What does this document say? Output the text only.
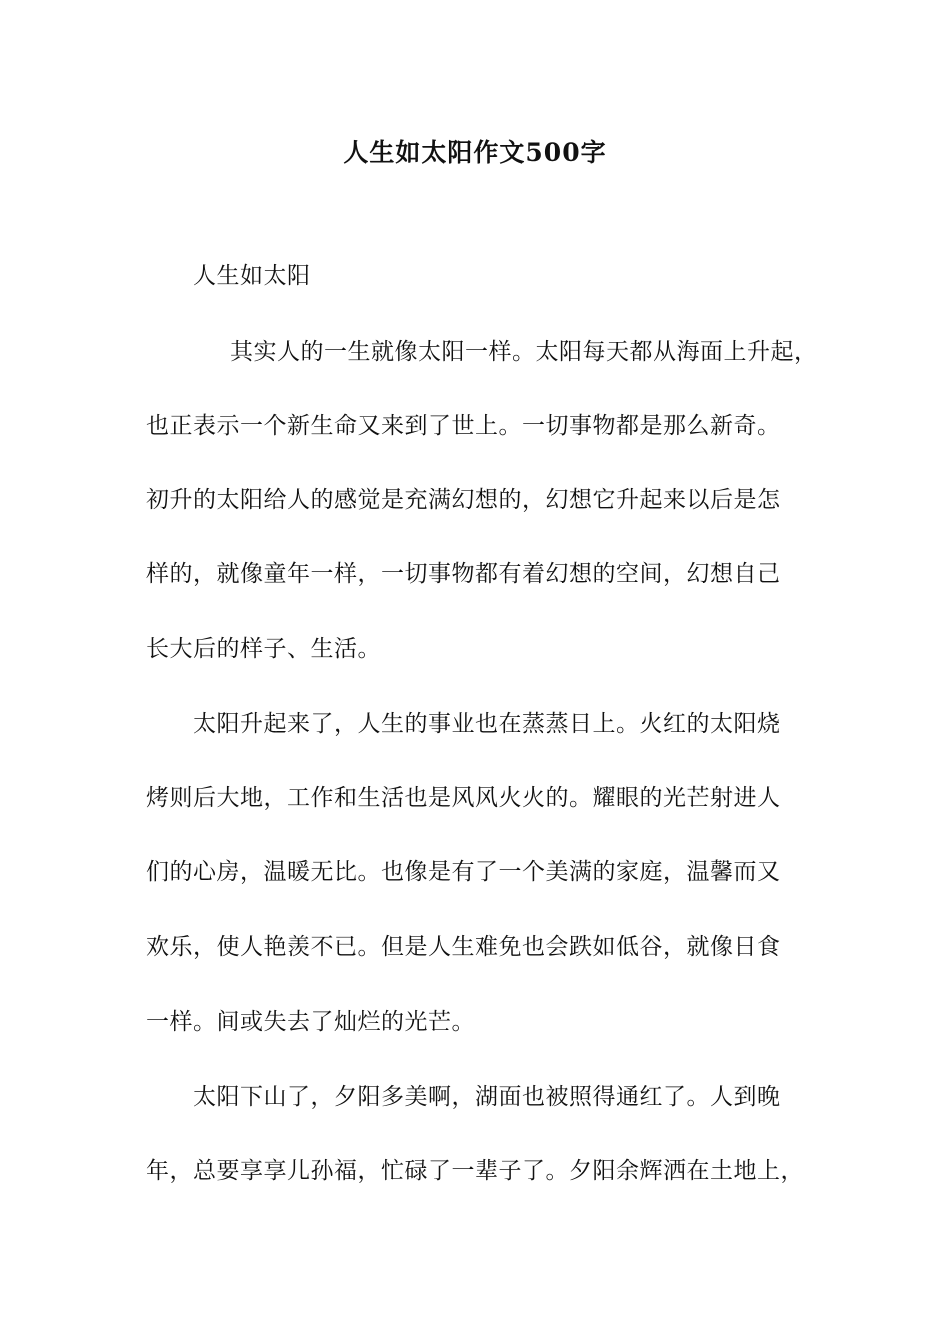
人生如太阳作文500字
人生如太阳
其实人的一生就像太阳一样。太阳每天都从海面上升起，
也正表示一个新生命又来到了世上。一切事物都是那么新奇。
初升的太阳给人的感觉是充满幻想的，幻想它升起来以后是怎
样的，就像童年一样，一切事物都有着幻想的空间，幻想自己
长大后的样子、生活。
太阳升起来了，人生的事业也在蒸蒸日上。火红的太阳烧
烤则后大地，工作和生活也是风风火火的。耀眼的光芒射进人
们的心房，温暖无比。也像是有了一个美满的家庭，温馨而又
欢乐，使人艳羡不已。但是人生难免也会跌如低谷，就像日食
一样。间或失去了灿烂的光芒。
太阳下山了，夕阳多美啊，湖面也被照得通红了。人到晚
年，总要享享儿孙福，忙碌了一辈子了。夕阳余辉洒在土地上，
